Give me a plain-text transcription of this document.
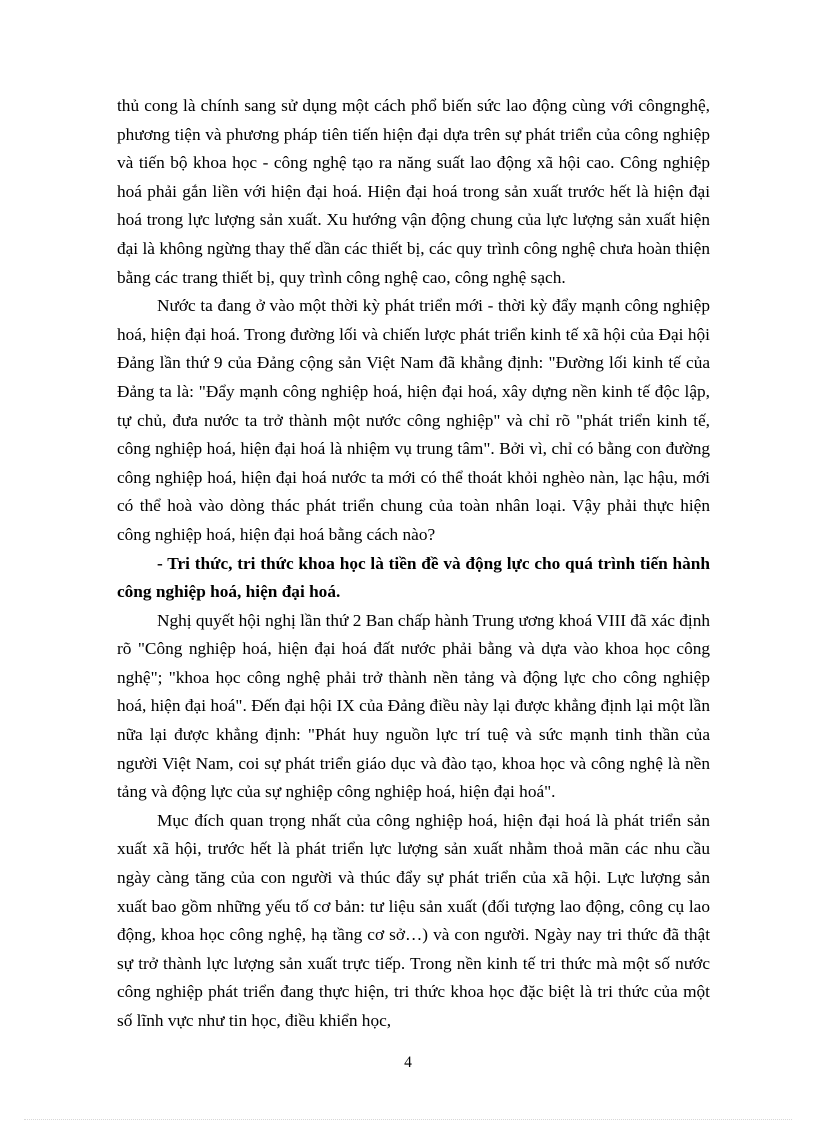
thủ cong là chính sang sử dụng một cách phổ biến sức lao động cùng với côngnghệ, phương tiện và phương pháp tiên tiến hiện đại dựa trên sự phát triển của công nghiệp và tiến bộ khoa học - công nghệ tạo ra năng suất lao động xã hội cao. Công nghiệp hoá phải gắn liền với hiện đại hoá. Hiện đại hoá trong sản xuất trước hết là hiện đại hoá trong lực lượng sản xuất. Xu hướng vận động chung của lực lượng sản xuất hiện đại là không ngừng thay thế dần các thiết bị, các quy trình công nghệ chưa hoàn thiện bằng các trang thiết bị, quy trình công nghệ cao, công nghệ sạch.

Nước ta đang ở vào một thời kỳ phát triển mới - thời kỳ đẩy mạnh công nghiệp hoá, hiện đại hoá. Trong đường lối và chiến lược phát triển kinh tế xã hội của Đại hội Đảng lần thứ 9 của Đảng cộng sản Việt Nam đã khẳng định: "Đường lối kinh tế của Đảng ta là: "Đẩy mạnh công nghiệp hoá, hiện đại hoá, xây dựng nền kinh tế độc lập, tự chủ, đưa nước ta trở thành một nước công nghiệp" và chỉ rõ "phát triển kinh tế, công nghiệp hoá, hiện đại hoá là nhiệm vụ trung tâm". Bởi vì, chỉ có bằng con đường công nghiệp hoá, hiện đại hoá nước ta mới có thể thoát khỏi nghèo nàn, lạc hậu, mới có thể hoà vào dòng thác phát triển chung của toàn nhân loại. Vậy phải thực hiện công nghiệp hoá, hiện đại hoá bằng cách nào?

- Tri thức, tri thức khoa học là tiền đề và động lực cho quá trình tiến hành công nghiệp hoá, hiện đại hoá.

Nghị quyết hội nghị lần thứ 2 Ban chấp hành Trung ương khoá VIII đã xác định rõ "Công nghiệp hoá, hiện đại hoá đất nước phải bằng và dựa vào khoa học công nghệ"; "khoa học công nghệ phải trở thành nền tảng và động lực cho công nghiệp hoá, hiện đại hoá". Đến đại hội IX của Đảng điều này lại được khẳng định lại một lần nữa lại được khẳng định: "Phát huy nguồn lực trí tuệ và sức mạnh tinh thần của người Việt Nam, coi sự phát triển giáo dục và đào tạo, khoa học và công nghệ là nền tảng và động lực của sự nghiệp công nghiệp hoá, hiện đại hoá".

Mục đích quan trọng nhất của công nghiệp hoá, hiện đại hoá là phát triển sản xuất xã hội, trước hết là phát triển lực lượng sản xuất nhằm thoả mãn các nhu cầu ngày càng tăng của con người và thúc đẩy sự phát triển của xã hội. Lực lượng sản xuất bao gồm những yếu tố cơ bản: tư liệu sản xuất (đối tượng lao động, công cụ lao động, khoa học công nghệ, hạ tầng cơ sở…) và con người. Ngày nay tri thức đã thật sự trở thành lực lượng sản xuất trực tiếp. Trong nền kinh tế tri thức mà một số nước công nghiệp phát triển đang thực hiện, tri thức khoa học đặc biệt là tri thức của một số lĩnh vực như tin học, điều khiển học,

4
